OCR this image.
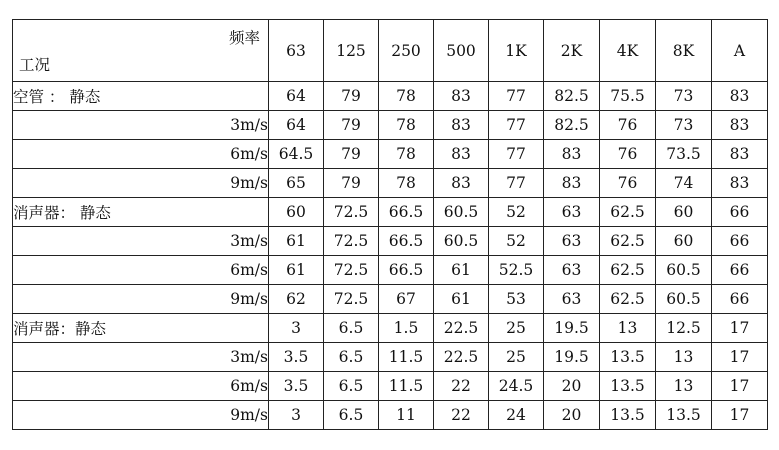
频率
工况	63	125	250	500	1K	2K	4K	8K	A

空管 ： 静态	64	79	78	83	77	82.5	75.5	73	83

3m/s	64	79	78	83	77	82.5	76	73	83

6m/s	64.5	79	78	83	77	83	76	73.5	83

9m/s	65	79	78	83	77	83	76	74	83

消声器： 静态	60	72.5	66.5	60.5	52	63	62.5	60	66

3m/s	61	72.5	66.5	60.5	52	63	62.5	60	66

6m/s	61	72.5	66.5	61	52.5	63	62.5	60.5	66

9m/s	62	72.5	67	61	53	63	62.5	60.5	66

消声器：静态	3	6.5	1.5	22.5	25	19.5	13	12.5	17

3m/s	3.5	6.5	11.5	22.5	25	19.5	13.5	13	17

6m/s	3.5	6.5	11.5	22	24.5	20	13.5	13	17

9m/s	3	6.5	11	22	24	20	13.5	13.5	17
